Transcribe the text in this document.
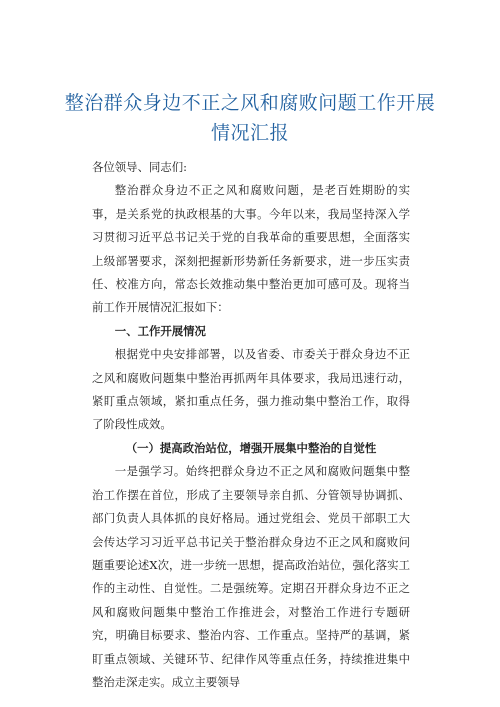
整治群众身边不正之风和腐败问题工作开展情况汇报

各位领导、同志们:

整治群众身边不正之风和腐败问题，是老百姓期盼的实事，是关系党的执政根基的大事。今年以来，我局坚持深入学习贯彻习近平总书记关于党的自我革命的重要思想，全面落实上级部署要求，深刻把握新形势新任务新要求，进一步压实责任、校准方向，常态长效推动集中整治更加可感可及。现将当前工作开展情况汇报如下：

一、工作开展情况

根据党中央安排部署，以及省委、市委关于群众身边不正之风和腐败问题集中整治再抓两年具体要求，我局迅速行动，紧盯重点领域，紧扣重点任务，强力推动集中整治工作，取得了阶段性成效。

（一）提高政治站位，增强开展集中整治的自觉性

一是强学习。始终把群众身边不正之风和腐败问题集中整治工作摆在首位，形成了主要领导亲自抓、分管领导协调抓、部门负责人具体抓的良好格局。通过党组会、党员干部职工大会传达学习习近平总书记关于整治群众身边不正之风和腐败问题重要论述X次，进一步统一思想，提高政治站位，强化落实工作的主动性、自觉性。二是强统筹。定期召开群众身边不正之风和腐败问题集中整治工作推进会，对整治工作进行专题研究，明确目标要求、整治内容、工作重点。坚持严的基调，紧盯重点领域、关键环节、纪律作风等重点任务，持续推进集中整治走深走实。成立主要领导
